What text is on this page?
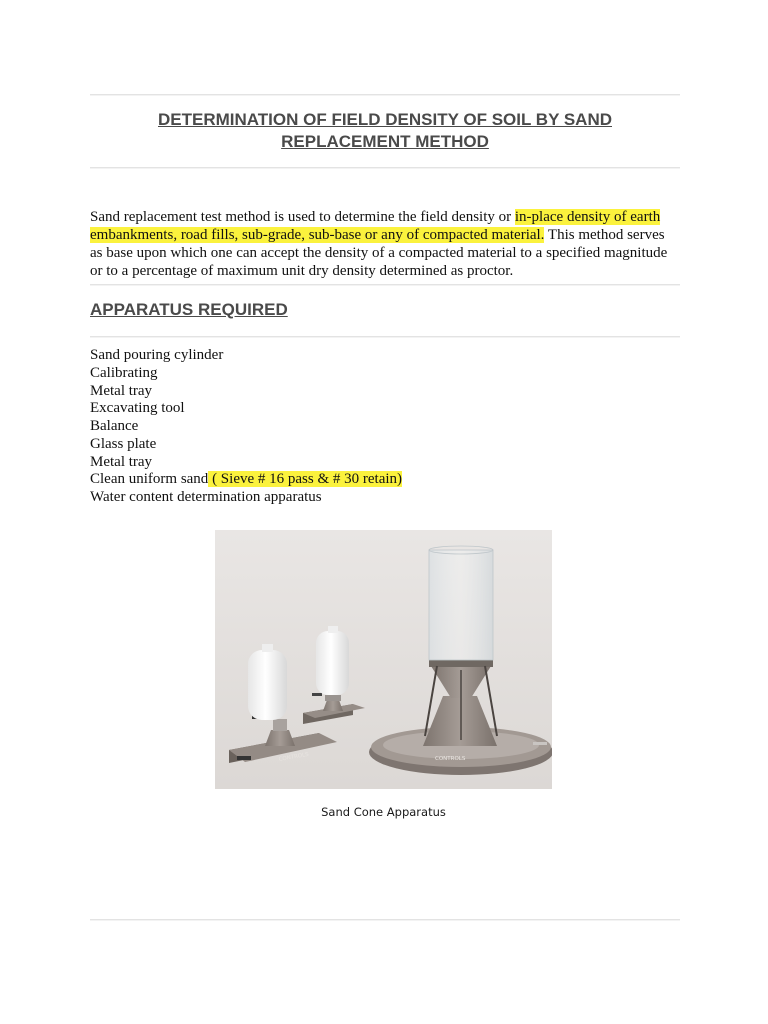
DETERMINATION OF FIELD DENSITY OF SOIL BY SAND
REPLACEMENT METHOD

Sand replacement test method is used to determine the field density or in-place density of earth embankments, road fills, sub-grade, sub-base or any of compacted material. This method serves as base upon which one can accept the density of a compacted material to a specified magnitude or to a percentage of maximum unit dry density determined as proctor.

APPARATUS REQUIRED
Sand pouring cylinder
Calibrating
Metal tray
Excavating tool
Balance
Glass plate
Metal tray
Clean uniform sand ( Sieve # 16 pass & # 30 retain)
Water content determination apparatus
CONTROLS	CONTROLS
Sand Cone Apparatus
